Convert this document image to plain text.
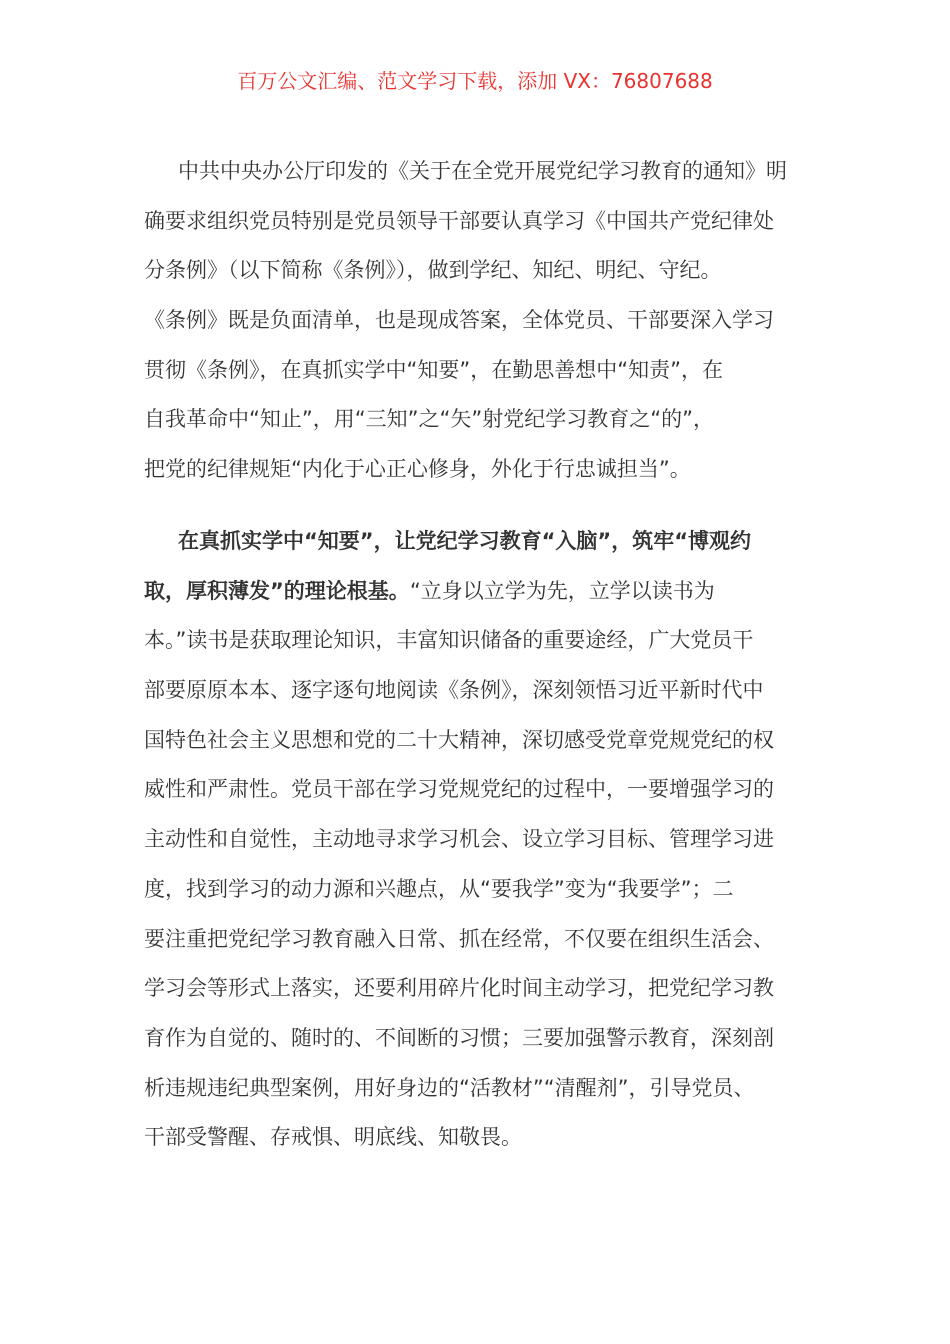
百万公文汇编、范文学习下载，添加 VX：76807688
中共中央办公厅印发的《关于在全党开展党纪学习教育的通知》明
确要求组织党员特别是党员领导干部要认真学习《中国共产党纪律处
分条例》（以下简称《条例》），做到学纪、知纪、明纪、守纪。
《条例》既是负面清单，也是现成答案，全体党员、干部要深入学习
贯彻《条例》，在真抓实学中“知要”，在勤思善想中“知责”，在
自我革命中“知止”，用“三知”之“矢”射党纪学习教育之“的”，
把党的纪律规矩“内化于心正心修身，外化于行忠诚担当”。
在真抓实学中“知要”，让党纪学习教育“入脑”，筑牢“博观约
取，厚积薄发”的理论根基。“立身以立学为先，立学以读书为
本。”读书是获取理论知识，丰富知识储备的重要途经，广大党员干
部要原原本本、逐字逐句地阅读《条例》，深刻领悟习近平新时代中
国特色社会主义思想和党的二十大精神，深切感受党章党规党纪的权
威性和严肃性。党员干部在学习党规党纪的过程中，一要增强学习的
主动性和自觉性，主动地寻求学习机会、设立学习目标、管理学习进
度，找到学习的动力源和兴趣点，从“要我学”变为“我要学”；二
要注重把党纪学习教育融入日常、抓在经常，不仅要在组织生活会、
学习会等形式上落实，还要利用碎片化时间主动学习，把党纪学习教
育作为自觉的、随时的、不间断的习惯；三要加强警示教育，深刻剖
析违规违纪典型案例，用好身边的“活教材”“清醒剂”，引导党员、
干部受警醒、存戒惧、明底线、知敬畏。
